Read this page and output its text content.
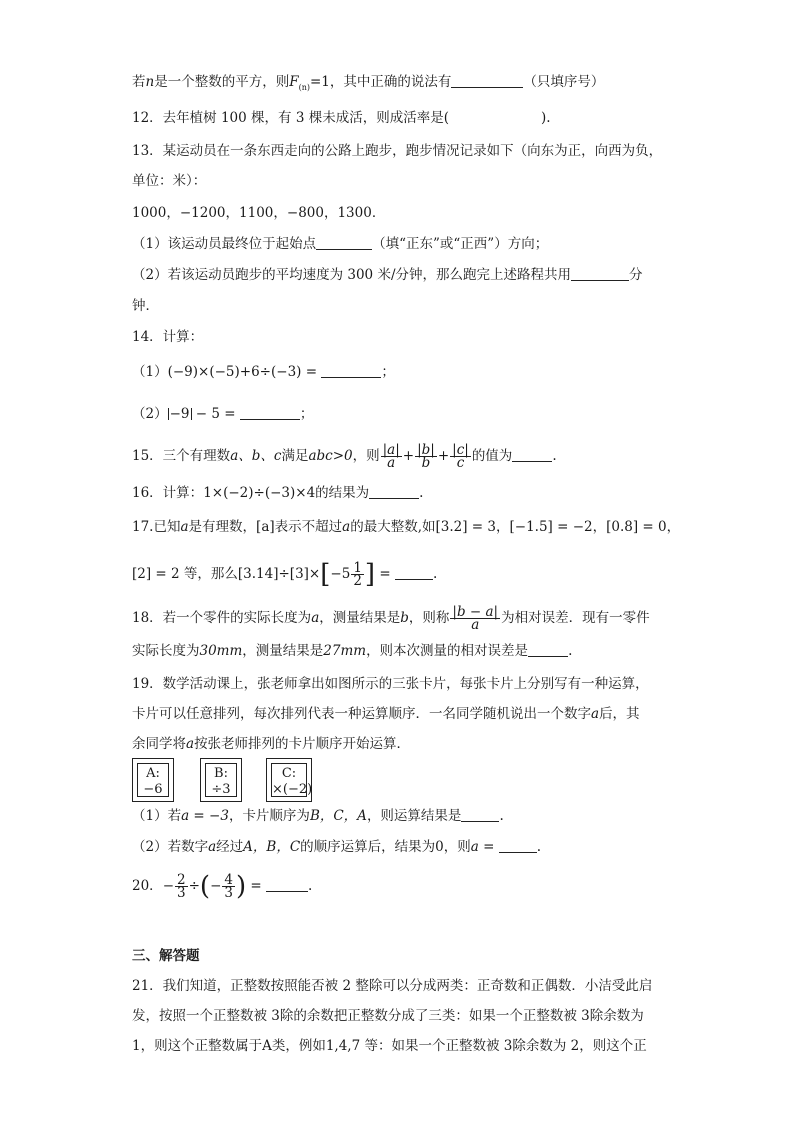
若n是一个整数的平方，则$F_{(n)}=1$，其中正确的说法有	（只填序号）
12．去年植树 100 棵，有 3 棵未成活，则成活率是(	).
13．某运动员在一条东西走向的公路上跑步，跑步情况记录如下（向东为正，向西为负，
单位：米）：
1000，−1200，1100，−800，1300．
（1）该运动员最终位于起始点	（填“正东”或“正西”）方向；
（2）若该运动员跑步的平均速度为 300 米/分钟，那么跑完上述路程共用	分
钟．
14．计算：
（1）(−9)×(−5)+6÷(−3) =	；
（2） −9 − 5 =	；
15．三个有理数a、b、c满足abc>0，则 $\frac{|a|}{a} + \frac{|b|}{b} + \frac{|c|}{c}$ 的值为	.
16．计算：1×(−2)÷(−3)×4的结果为	.
17.已知a是有理数，[a]表示不超过a的最大整数,如[3.2] = 3，[−1.5] = −2，[0.8] = 0，
[2] = 2 等，那么$[3.14]\div[3]\times[-5 \frac{1}{2}$ ] =	.
18．若一个零件的实际长度为a，测量结果是b，则称 $\frac{|b - a|}{a}$ 为相对误差．现有一零件
实际长度为30mm，测量结果是27mm，则本次测量的相对误差是	.
19．数学活动课上，张老师拿出如图所示的三张卡片，每张卡片上分别写有一种运算，
卡片可以任意排列，每次排列代表一种运算顺序．一名同学随机说出一个数字a后，其
余同学将a按张老师排列的卡片顺序开始运算．
A:
−6
B:
÷3
C:
×(−2)
（1）若a = −3，卡片顺序为B，C，A，则运算结果是	.
（2）若数字a经过A，B，C的顺序运算后，结果为0，则a =	.
20．− $\frac{2}{3}$ ÷(− $\frac{4}{3}$ ) =	.
三、解答题
21．我们知道，正整数按照能否被 2 整除可以分成两类：正奇数和正偶数．小洁受此启
发，按照一个正整数被 3除的余数把正整数分成了三类：如果一个正整数被 3除余数为
1，则这个正整数属于A类，例如1,4,7 等：如果一个正整数被 3除余数为 2，则这个正
